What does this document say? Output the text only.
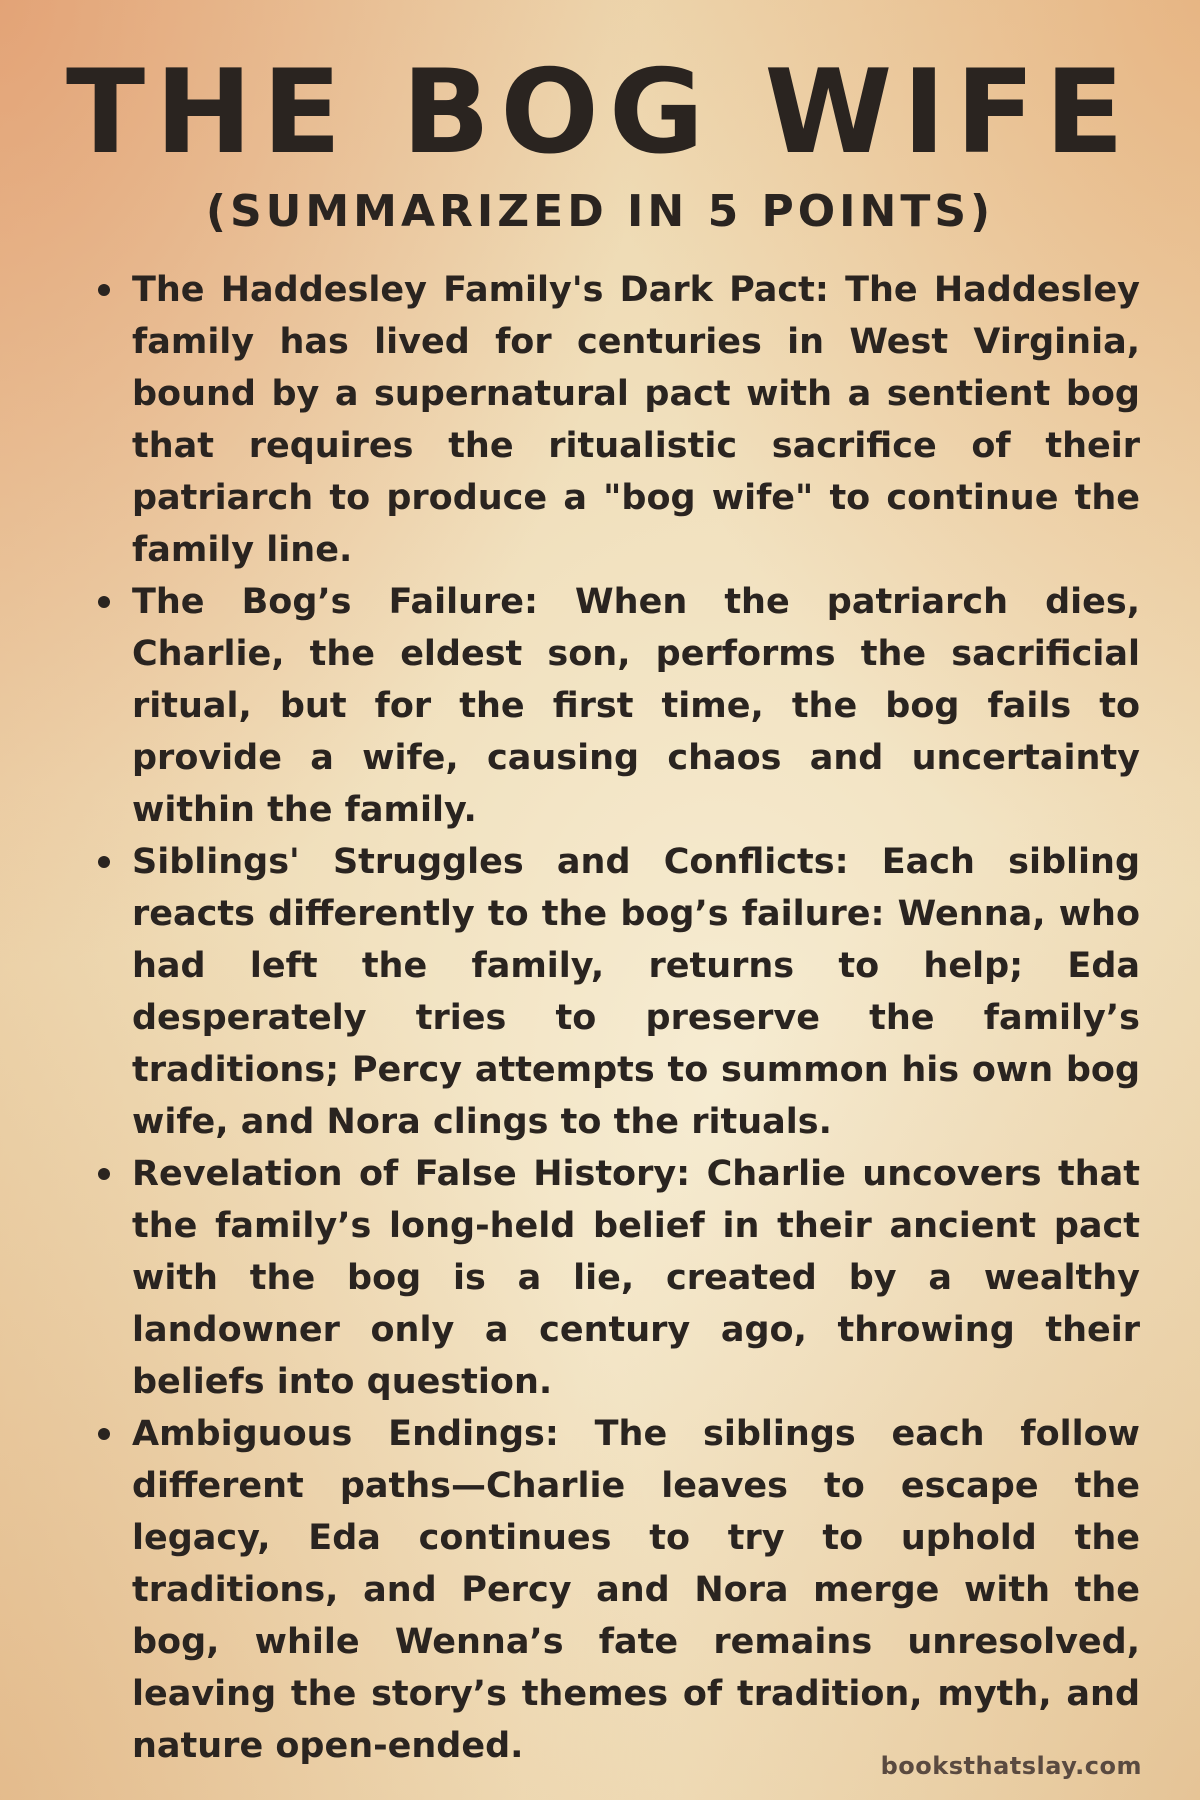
THE BOG WIFE
(SUMMARIZED IN 5 POINTS)
The Haddesley Family's Dark Pact: The Haddesley family has lived for centuries in West Virginia, bound by a supernatural pact with a sentient bog that requires the ritualistic sacrifice of their patriarch to produce a "bog wife" to continue the family line.
The Bog’s Failure: When the patriarch dies, Charlie, the eldest son, performs the sacrificial ritual, but for the first time, the bog fails to provide a wife, causing chaos and uncertainty within the family.
Siblings' Struggles and Conflicts: Each sibling reacts differently to the bog’s failure: Wenna, who had left the family, returns to help; Eda desperately tries to preserve the family’s traditions; Percy attempts to summon his own bog wife, and Nora clings to the rituals.
Revelation of False History: Charlie uncovers that the family’s long-held belief in their ancient pact with the bog is a lie, created by a wealthy landowner only a century ago, throwing their beliefs into question.
Ambiguous Endings: The siblings each follow different paths—Charlie leaves to escape the legacy, Eda continues to try to uphold the traditions, and Percy and Nora merge with the bog, while Wenna’s fate remains unresolved, leaving the story’s themes of tradition, myth, and nature open-ended.	booksthatslay.com
